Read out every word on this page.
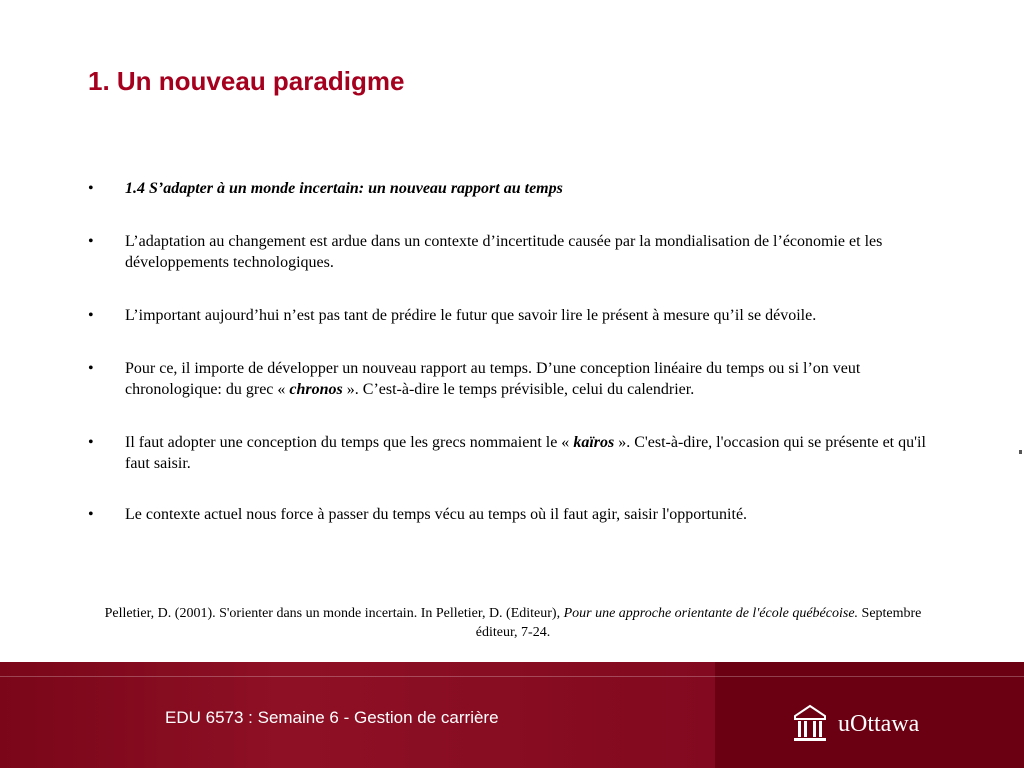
1. Un nouveau paradigme
• 1.4 S’adapter à un monde incertain: un nouveau rapport au temps
• L’adaptation au changement est ardue dans un contexte d’incertitude causée par la mondialisation de l’économie et les développements technologiques.
• L’important aujourd’hui n’est pas tant de prédire le futur que savoir lire le présent à mesure qu’il se dévoile.
• Pour ce, il importe de développer un nouveau rapport au temps. D’une conception linéaire du temps ou si l’on veut chronologique: du grec « chronos ». C’est-à-dire le temps prévisible, celui du calendrier.
• Il faut adopter une conception du temps que les grecs nommaient le « kaïros ». C'est-à-dire, l'occasion qui se présente et qu'il faut saisir.
• Le contexte actuel nous force à passer du temps vécu au temps où il faut agir, saisir l'opportunité.
Pelletier, D. (2001). S'orienter dans un monde incertain. In Pelletier, D. (Editeur), Pour une approche orientante de l'école québécoise. Septembre éditeur, 7-24.
EDU 6573 : Semaine 6 - Gestion de carrière	uOttawa
